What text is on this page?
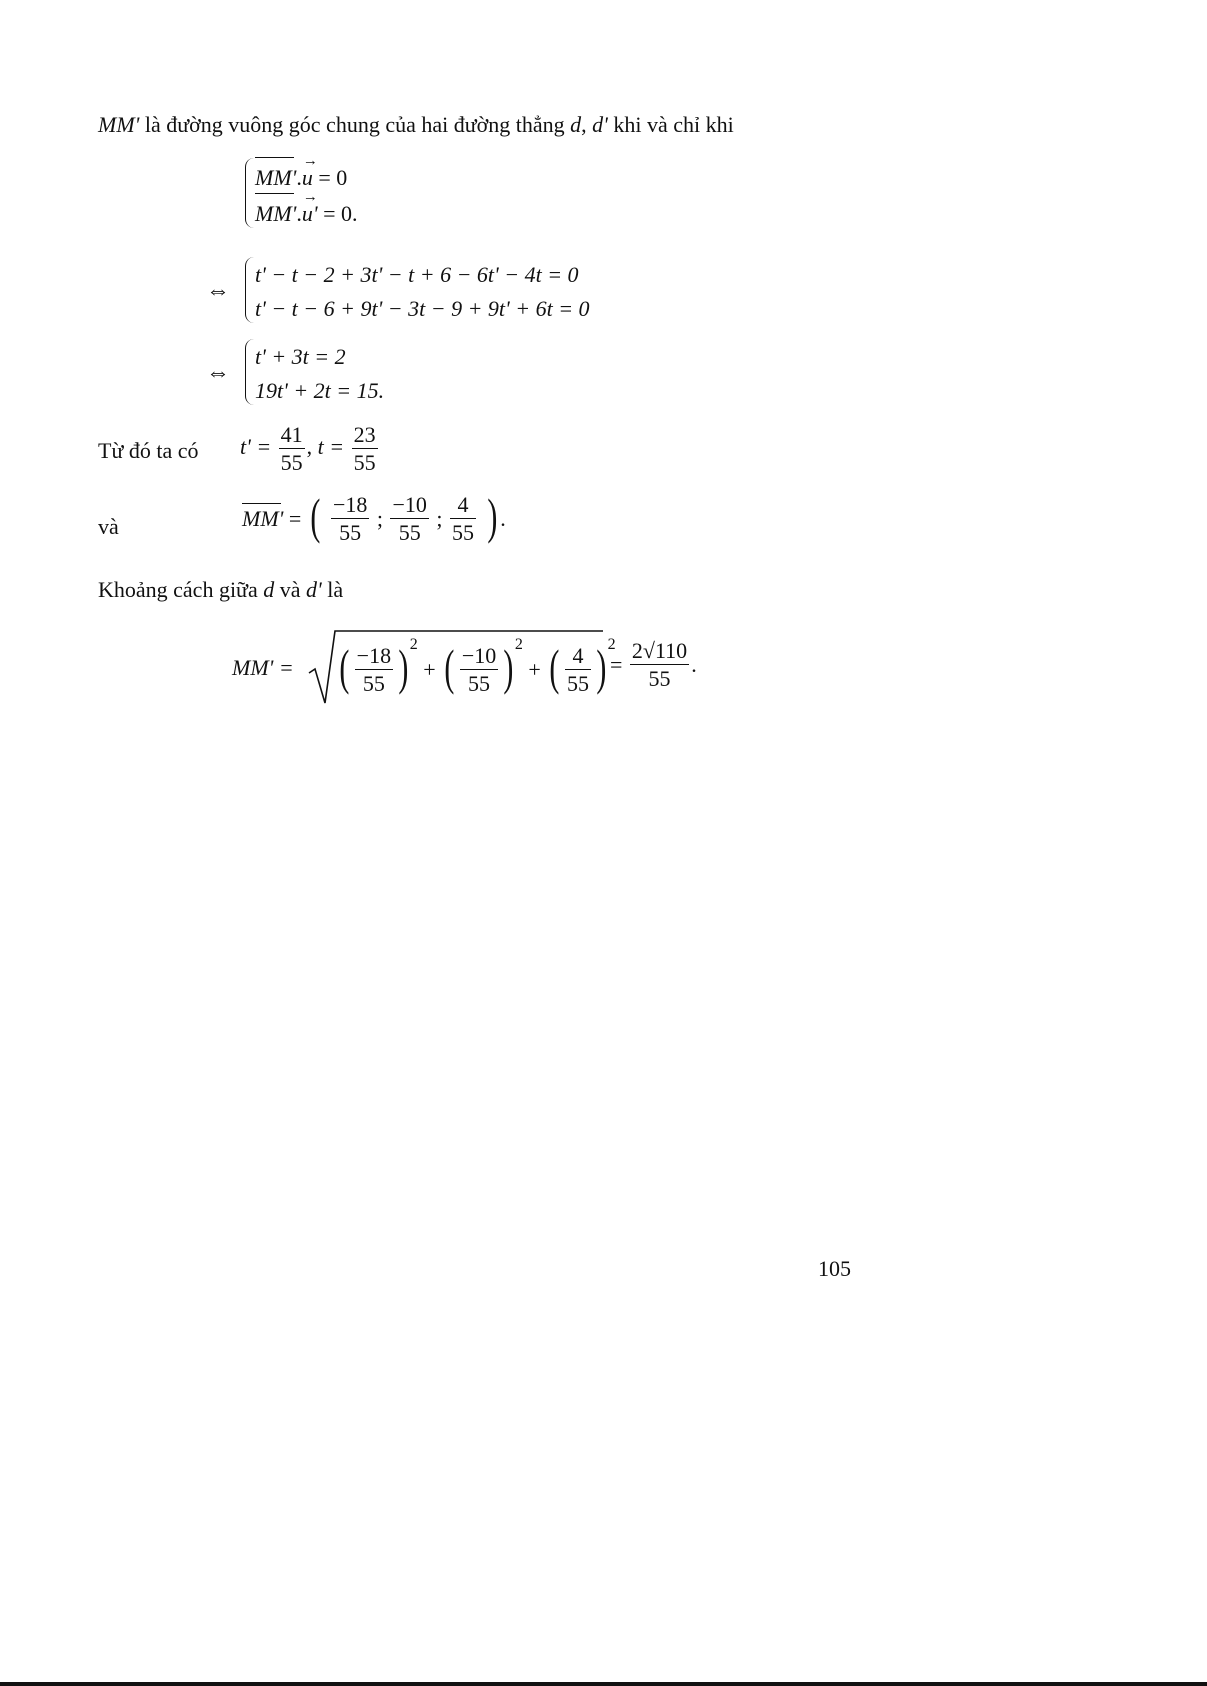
MM' là đường vuông góc chung của hai đường thẳng d, d' khi và chỉ khi
MM'.→ u = 0
MM'.→ u' = 0.
⇔
t' − t − 2 + 3t' − t + 6 − 6t' − 4t = 0
t' − t − 6 + 9t' − 3t − 9 + 9t' + 6t = 0
⇔
t' + 3t = 2
19t' + 2t = 15.
Từ đó ta có $t' = \frac{41}{55}$ , $t = \frac{23}{55}$
và	MM' = ( $\frac{-18}{55}$ ; $\frac{-10}{55}$ ; $\frac{4}{55}$ ) .
Khoảng cách giữa d và d' là
MM' = ( $\frac{-18}{55} )^2$ + ( $\frac{-10}{55} )^2$ + ( $\frac{4}{55} )^2$
= $\frac{2√110}{55}$ .
105
